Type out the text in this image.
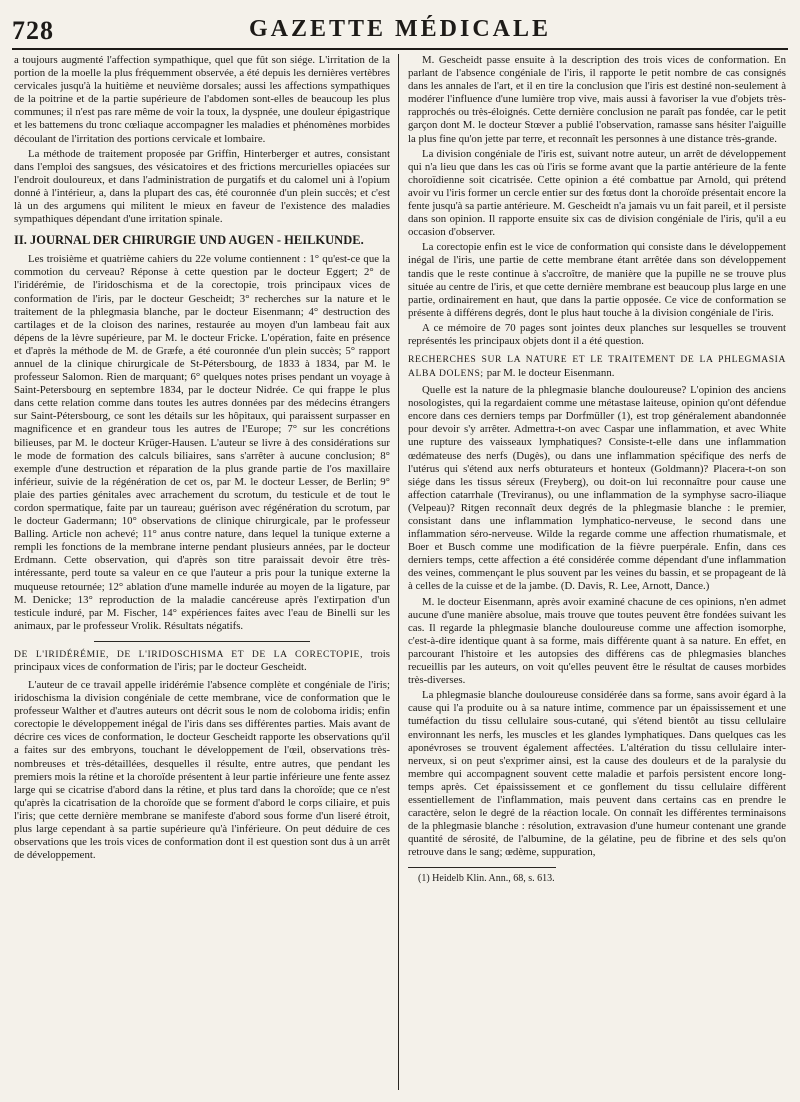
728	GAZETTE MÉDICALE

a toujours augmenté l'affection sympathique, quel que fût son siége. L'irritation de la portion de la moelle la plus fréquemment observée, a été depuis les dernières vertèbres cervicales jusqu'à la huitième et neuvième dorsales; aussi les affections sympathiques de la poitrine et de la partie supérieure de l'abdomen sont-elles de beaucoup les plus communes; il n'est pas rare même de voir la toux, la dyspnée, une douleur épigastrique et les battemens du tronc cœliaque accompagner les maladies et phénomènes morbides découlant de l'irritation des portions cervicale et lombaire.

La méthode de traitement proposée par Griffin, Hinterberger et autres, consistant dans l'emploi des sangsues, des vésicatoires et des frictions mercurielles opiacées sur l'endroit douloureux, et dans l'administration de purgatifs et du calomel uni à l'opium donné à l'intérieur, a, dans la plupart des cas, été couronnée d'un plein succès; et c'est là un des argumens qui militent le mieux en faveur de l'existence des maladies sympathiques dépendant d'une irritation spinale.

II. JOURNAL DER CHIRURGIE UND AUGEN - HEILKUNDE.

Les troisième et quatrième cahiers du 22e volume contiennent : 1° qu'est-ce que la commotion du cerveau? Réponse à cette question par le docteur Eggert; 2° de l'iridérémie, de l'iridoschisma et de la corectopie, trois principaux vices de conformation de l'iris, par le docteur Gescheidt; 3° recherches sur la nature et le traitement de la phlegmasia blanche, par le docteur Eisenmann; 4° destruction des cartilages et de la cloison des narines, restaurée au moyen d'un lambeau fait aux dépens de la lèvre supérieure, par M. le docteur Fricke. L'opération, faite en présence et d'après la méthode de M. de Græfe, a été couronnée d'un plein succès; 5° rapport annuel de la clinique chirurgicale de St-Pétersbourg, de 1833 à 1834, par M. le professeur Salomon. Rien de marquant; 6° quelques notes prises pendant un voyage à Saint-Petersbourg en septembre 1834, par le docteur Nidrée. Ce qui frappe le plus dans cette relation comme dans toutes les autres données par des médecins étrangers sur Saint-Pétersbourg, ce sont les détails sur les hôpitaux, qui paraissent surpasser en magnificence et en grandeur tous les autres de l'Europe; 7° sur les concrétions bilieuses, par M. le docteur Krüger-Hausen. L'auteur se livre à des considérations sur le mode de formation des calculs biliaires, sans s'arrêter à aucune conclusion; 8° exemple d'une destruction et réparation de la plus grande partie de l'os maxillaire inférieur, suivie de la régénération de cet os, par M. le docteur Lesser, de Berlin; 9° plaie des parties génitales avec arrachement du scrotum, du testicule et de tout le cordon spermatique, faite par un taureau; guérison avec régénération du scrotum, par le docteur Gadermann; 10° observations de clinique chirurgicale, par le professeur Balling. Article non achevé; 11° anus contre nature, dans lequel la tunique externe a rempli les fonctions de la membrane interne pendant plusieurs années, par le docteur Erdmann. Cette observation, qui d'après son titre paraissait devoir être très-intéressante, perd toute sa valeur en ce que l'auteur a pris pour la tunique externe la muqueuse retournée; 12° ablation d'une mamelle indurée au moyen de la ligature, par M. Denicke; 13° reproduction de la maladie cancéreuse après l'extirpation d'un testicule induré, par M. Fischer, 14° expériences faites avec l'eau de Binelli sur les animaux, par le professeur Vrolik. Résultats négatifs.

DE L'IRIDÉRÉMIE, DE L'IRIDOSCHISMA ET DE LA CORECTOPIE, trois principaux vices de conformation de l'iris; par le docteur Gescheidt.

L'auteur de ce travail appelle iridérémie l'absence complète et congéniale de l'iris; iridoschisma la division congéniale de cette membrane, vice de conformation que le professeur Walther et d'autres auteurs ont décrit sous le nom de coloboma iridis; enfin corectopie le développement inégal de l'iris dans ses différentes parties. Mais avant de décrire ces vices de conformation, le docteur Gescheidt rapporte les observations qu'il a faites sur des embryons, touchant le développement de l'œil, observations très-nombreuses et très-détaillées, desquelles il résulte, entre autres, que pendant les premiers mois la rétine et la choroïde présentent à leur partie inférieure une fente assez large qui se cicatrise d'abord dans la rétine, et plus tard dans la choroïde; que ce n'est qu'après la cicatrisation de la choroïde que se forment d'abord le corps ciliaire, et puis l'iris; que cette dernière membrane se manifeste d'abord sous forme d'un liseré étroit, plus large cependant à sa partie supérieure qu'à l'inférieure. On peut déduire de ces observations que les trois vices de conformation dont il est question sont dus à un arrêt de développement.

M. Gescheidt passe ensuite à la description des trois vices de conformation. En parlant de l'absence congéniale de l'iris, il rapporte le petit nombre de cas consignés dans les annales de l'art, et il en tire la conclusion que l'iris est destiné non-seulement à modérer l'influence d'une lumière trop vive, mais aussi à favoriser la vue d'objets très-rapprochés ou très-éloignés. Cette dernière conclusion ne paraît pas fondée, car le petit garçon dont M. le docteur Stœver a publié l'observation, ramasse sans hésiter l'aiguille la plus fine qu'on jette par terre, et reconnaît les personnes à une distance très-grande.

La division congéniale de l'iris est, suivant notre auteur, un arrêt de développement qui n'a lieu que dans les cas où l'iris se forme avant que la partie antérieure de la fente choroïdienne soit cicatrisée. Cette opinion a été combattue par Arnold, qui prétend avoir vu l'iris former un cercle entier sur des fœtus dont la choroïde présentait encore la fente jusqu'à sa partie antérieure. M. Gescheidt n'a jamais vu un fait pareil, et il persiste dans son opinion. Il rapporte ensuite six cas de division congéniale de l'iris, qu'il a eu occasion d'observer.

La corectopie enfin est le vice de conformation qui consiste dans le développement inégal de l'iris, une partie de cette membrane étant arrêtée dans son développement tandis que le reste continue à s'accroître, de manière que la pupille ne se trouve plus située au centre de l'iris, et que cette dernière membrane est beaucoup plus large en une partie, ordinairement en haut, que dans la partie opposée. Ce vice de conformation se présente à différens degrés, dont le plus haut touche à la division congéniale de l'iris.

A ce mémoire de 70 pages sont jointes deux planches sur lesquelles se trouvent représentés les principaux objets dont il a été question.

RECHERCHES SUR LA NATURE ET LE TRAITEMENT DE LA PHLEGMASIA ALBA DOLENS; par M. le docteur Eisenmann.

Quelle est la nature de la phlegmasie blanche douloureuse? L'opinion des anciens nosologistes, qui la regardaient comme une métastase laiteuse, opinion qu'ont défendue encore dans ces derniers temps par Dorfmüller (1), est trop généralement abandonnée pour devoir s'y arrêter. Admettra-t-on avec Caspar une inflammation, et avec White une rupture des vaisseaux lymphatiques? Consiste-t-elle dans une inflammation œdémateuse des nerfs (Dugès), ou dans une inflammation spécifique des nerfs de l'utérus qui s'étend aux nerfs obturateurs et honteux (Goldmann)? Placera-t-on son siége dans les tissus séreux (Freyberg), ou doit-on lui reconnaître pour cause une affection catarrhale (Treviranus), ou une inflammation de la symphyse sacro-iliaque (Velpeau)? Ritgen reconnaît deux degrés de la phlegmasie blanche : le premier, consistant dans une inflammation lymphatico-nerveuse, le second dans une inflammation séro-nerveuse. Wilde la regarde comme une affection rhumatismale, et Boer et Busch comme une modification de la fièvre puerpérale. Enfin, dans ces derniers temps, cette affection a été considérée comme dépendant d'une inflammation des veines, commençant le plus souvent par les veines du bassin, et se propageant de là à celles de la cuisse et de la jambe. (D. Davis, R. Lee, Arnott, Dance.)

M. le docteur Eisenmann, après avoir examiné chacune de ces opinions, n'en admet aucune d'une manière absolue, mais trouve que toutes peuvent être fondées suivant les cas. Il regarde la phlegmasie blanche douloureuse comme une affection isomorphe, c'est-à-dire identique quant à sa forme, mais différente quant à sa nature. En effet, en parcourant l'histoire et les autopsies des différens cas de phlegmasies blanches recueillis par les auteurs, on voit qu'elles peuvent être le résultat de causes morbides très-diverses.

La phlegmasie blanche douloureuse considérée dans sa forme, sans avoir égard à la cause qui l'a produite ou à sa nature intime, commence par un épaississement et une tuméfaction du tissu cellulaire sous-cutané, qui s'étend bientôt au tissu cellulaire environnant les nerfs, les muscles et les glandes lymphatiques. Dans quelques cas les aponévroses se trouvent également affectées. L'altération du tissu cellulaire inter-nerveux, si on peut s'exprimer ainsi, est la cause des douleurs et de la paralysie du membre qui accompagnent souvent cette maladie et parfois persistent encore long-temps après. Cet épaississement et ce gonflement du tissu cellulaire diffèrent essentiellement de l'inflammation, mais peuvent dans certains cas en prendre le caractère, selon le degré de la réaction locale. On connaît les différentes terminaisons de la phlegmasie blanche : résolution, extravasion d'une humeur contenant une grande quantité de sérosité, de l'albumine, de la gélatine, peu de fibrine et des sels qu'on retrouve dans le sang; œdème, suppuration,

(1) Heidelb Klin. Ann., 68, s. 613.
